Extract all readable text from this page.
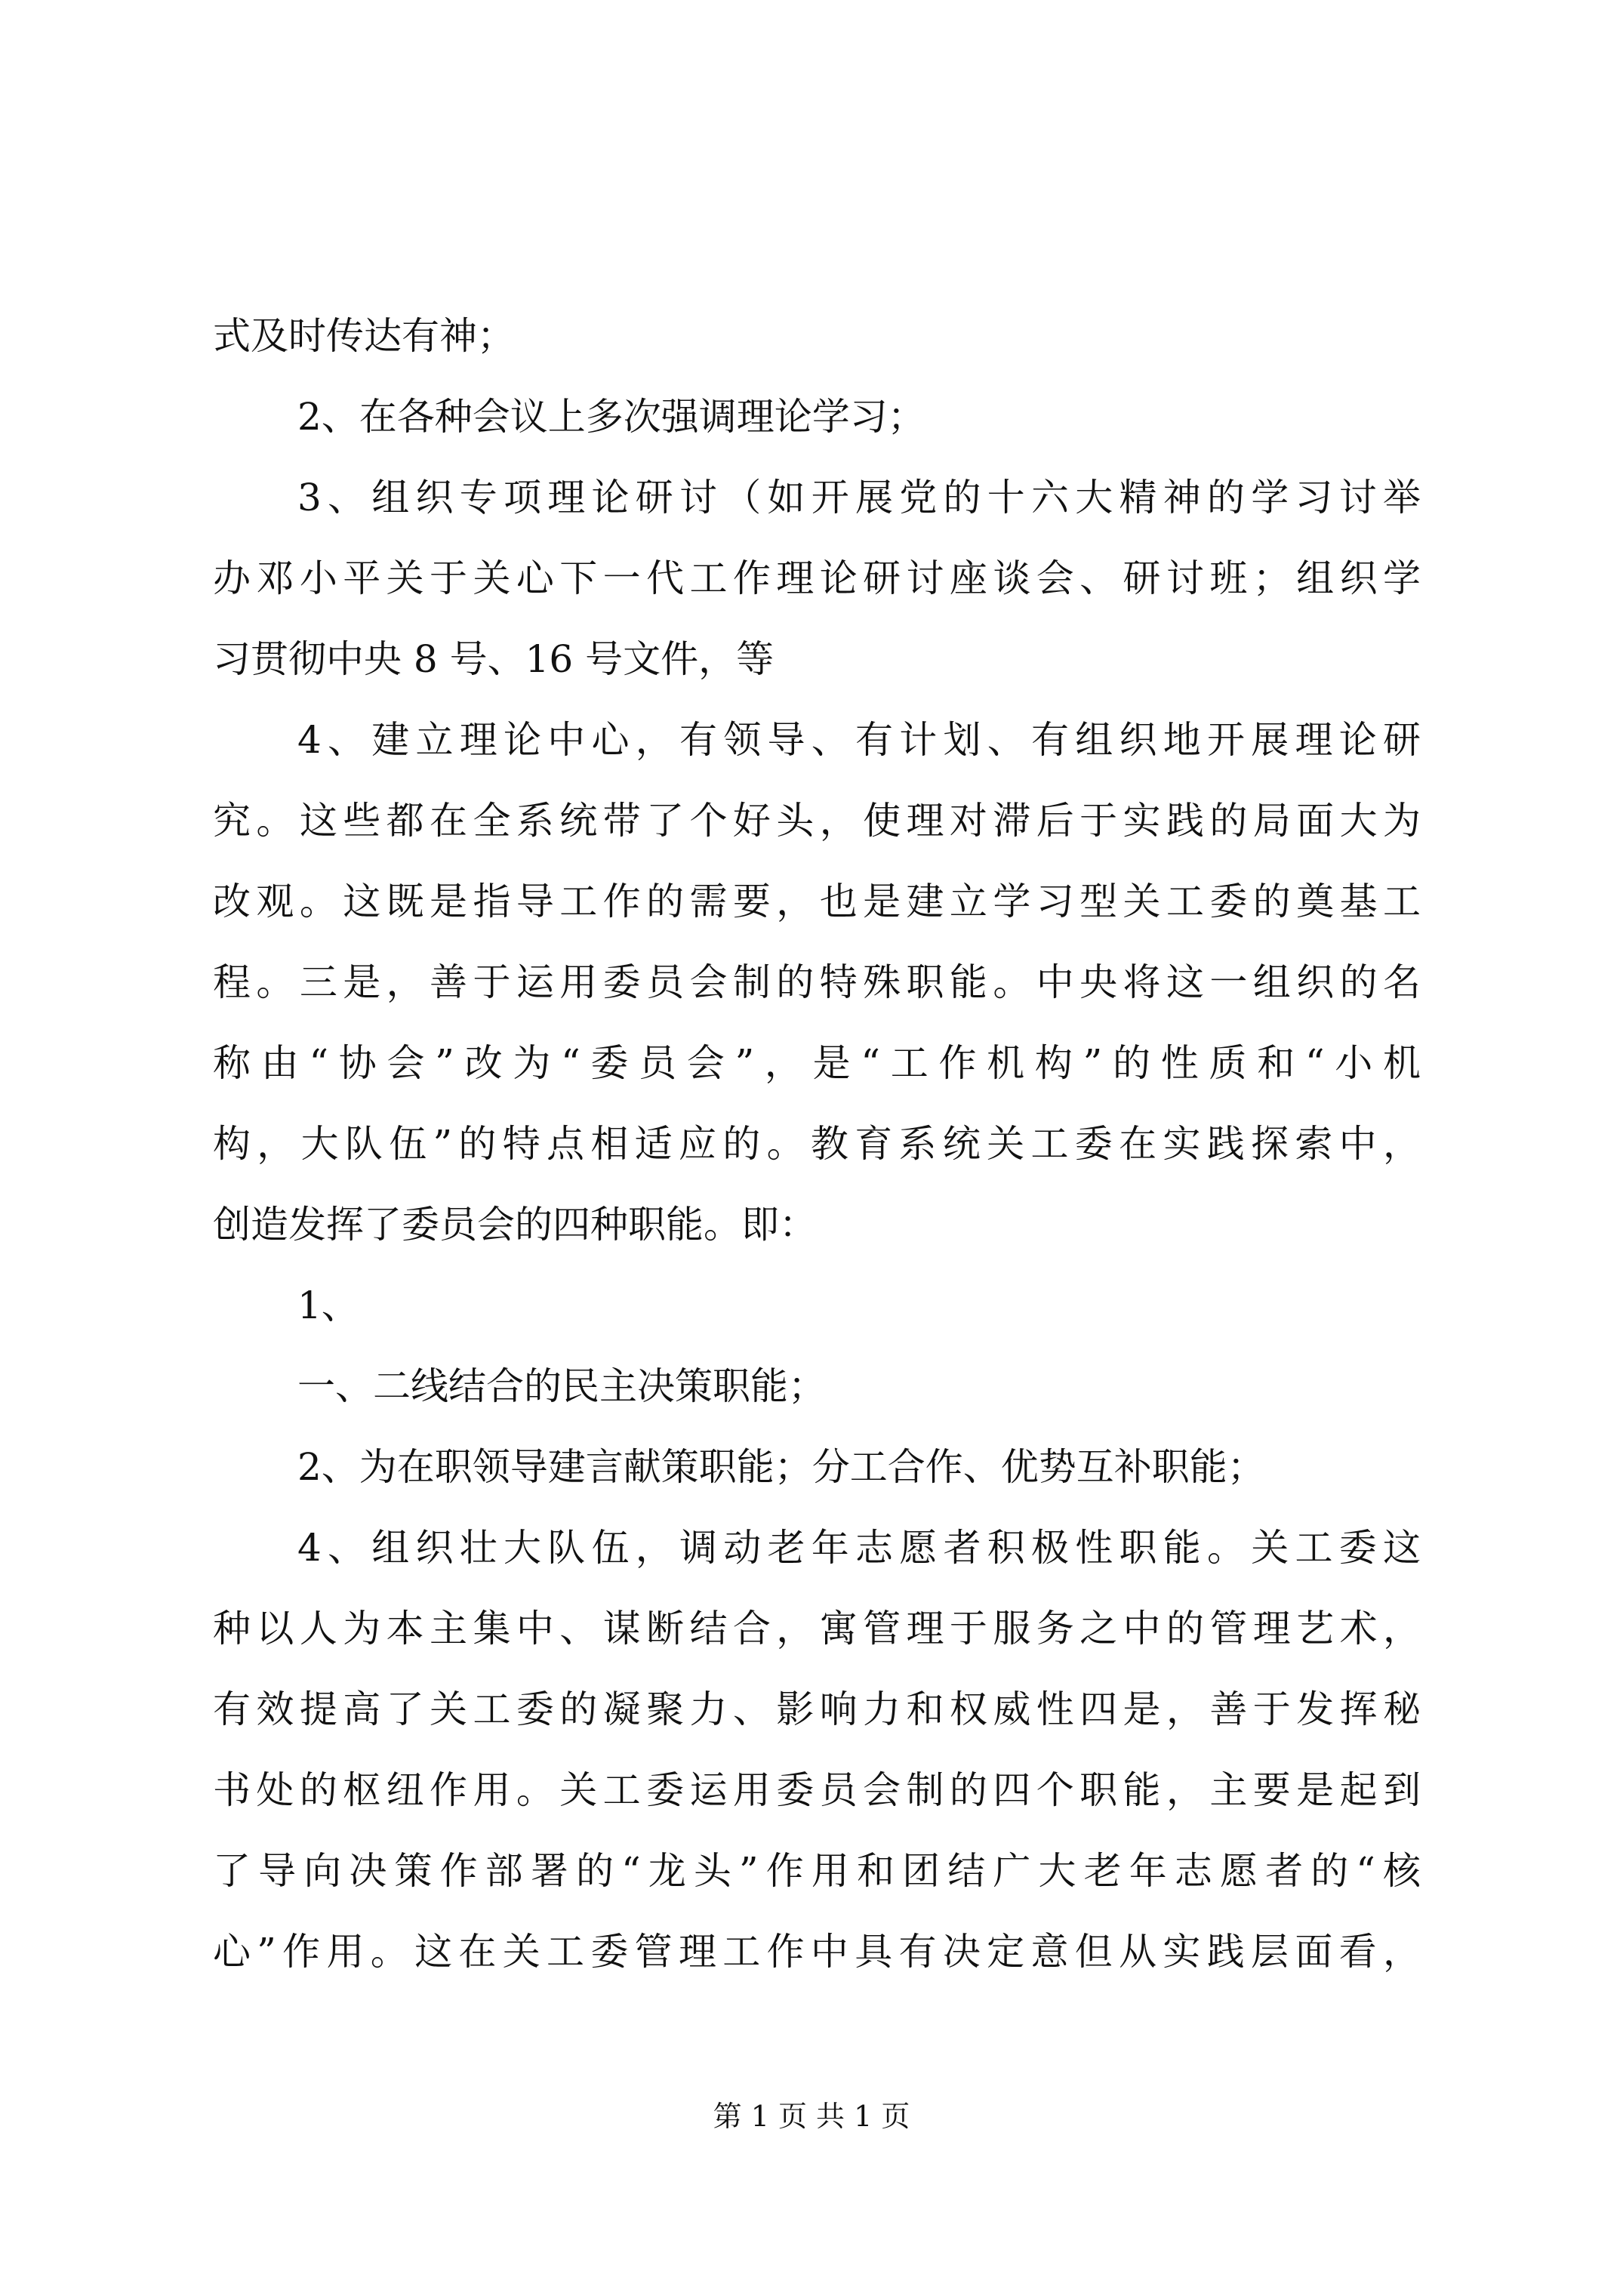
式及时传达有神；
2、在各种会议上多次强调理论学习；
3、组织专项理论研讨（如开展党的十六大精神的学习讨举
办邓小平关于关心下一代工作理论研讨座谈会、研讨班；组织学
习贯彻中央 8 号、16 号文件，等
4、建立理论中心，有领导、有计划、有组织地开展理论研
究。这些都在全系统带了个好头，使理对滞后于实践的局面大为
改观。这既是指导工作的需要，也是建立学习型关工委的奠基工
程。三是，善于运用委员会制的特殊职能。中央将这一组织的名
称由“协会”改为“委员会”，是“工作机构”的性质和“小机
构，大队伍”的特点相适应的。教育系统关工委在实践探索中，
创造发挥了委员会的四种职能。即：
1、
一、二线结合的民主决策职能；
2、为在职领导建言献策职能；分工合作、优势互补职能；
4、组织壮大队伍，调动老年志愿者积极性职能。关工委这
种以人为本主集中、谋断结合，寓管理于服务之中的管理艺术，
有效提高了关工委的凝聚力、影响力和权威性四是，善于发挥秘
书处的枢纽作用。关工委运用委员会制的四个职能，主要是起到
了导向决策作部署的“龙头”作用和团结广大老年志愿者的“核
心”作用。这在关工委管理工作中具有决定意但从实践层面看，
第 1 页 共 1 页
